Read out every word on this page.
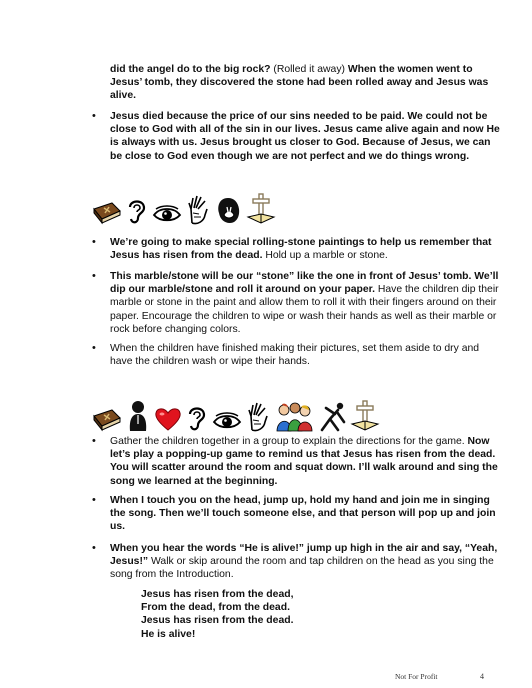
did the angel do to the big rock? (Rolled it away) When the women went to Jesus’ tomb, they discovered the stone had been rolled away and Jesus was alive.
• Jesus died because the price of our sins needed to be paid. We could not be close to God with all of the sin in our lives. Jesus came alive again and now He is always with us. Jesus brought us closer to God. Because of Jesus, we can be close to God even though we are not perfect and we do things wrong.
• We’re going to make special rolling-stone paintings to help us remember that Jesus has risen from the dead. Hold up a marble or stone.
• This marble/stone will be our “stone” like the one in front of Jesus’ tomb. We’ll dip our marble/stone and roll it around on your paper. Have the children dip their marble or stone in the paint and allow them to roll it with their fingers around on their paper. Encourage the children to wipe or wash their hands as well as their marble or rock before changing colors.
• When the children have finished making their pictures, set them aside to dry and have the children wash or wipe their hands.
• Gather the children together in a group to explain the directions for the game. Now let’s play a popping-up game to remind us that Jesus has risen from the dead. You will scatter around the room and squat down. I’ll walk around and sing the song we learned at the beginning.
• When I touch you on the head, jump up, hold my hand and join me in singing the song. Then we’ll touch someone else, and that person will pop up and join us.
• When you hear the words “He is alive!” jump up high in the air and say, “Yeah, Jesus!” Walk or skip around the room and tap children on the head as you sing the song from the Introduction.
Jesus has risen from the dead,
From the dead, from the dead.
Jesus has risen from the dead.
He is alive!
Not For Profit	4
